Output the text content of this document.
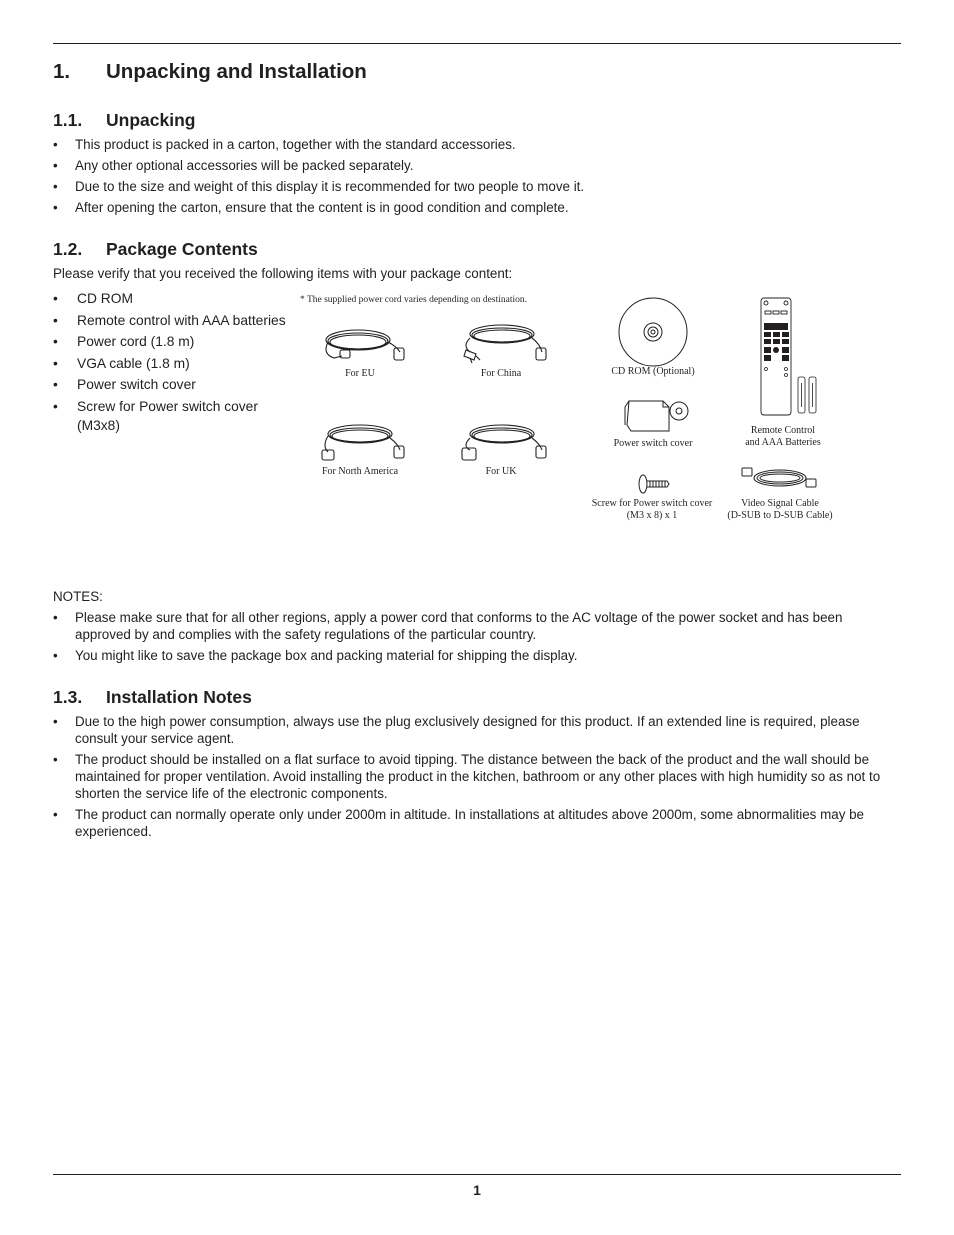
1. Unpacking and Installation
1.1. Unpacking
• This product is packed in a carton, together with the standard accessories.
• Any other optional accessories will be packed separately.
• Due to the size and weight of this display it is recommended for two people to move it.
• After opening the carton, ensure that the content is in good condition and complete.
1.2. Package Contents

Please verify that you received the following items with your package content:

• CD ROM
• Remote control with AAA batteries
• Power cord (1.8 m)
• VGA cable (1.8 m)
• Power switch cover
• Screw for Power switch cover (M3x8)
* The supplied power cord varies depending on destination.
For EU	For China
For North America	For UK
CD ROM (Optional)
Remote Control
and AAA Batteries
Power switch cover
Screw for Power switch cover
(M3 x 8) x 1
Video Signal Cable
(D-SUB to D-SUB Cable)

NOTES:

• Please make sure that for all other regions, apply a power cord that conforms to the AC voltage of the power socket and has been approved by and complies with the safety regulations of the particular country.
• You might like to save the package box and packing material for shipping the display.
1.3. Installation Notes
• Due to the high power consumption, always use the plug exclusively designed for this product. If an extended line is required, please consult your service agent.
• The product should be installed on a flat surface to avoid tipping. The distance between the back of the product and the wall should be maintained for proper ventilation. Avoid installing the product in the kitchen, bathroom or any other places with high humidity so as not to shorten the service life of the electronic components.
• The product can normally operate only under 2000m in altitude. In installations at altitudes above 2000m, some abnormalities may be experienced.
1
